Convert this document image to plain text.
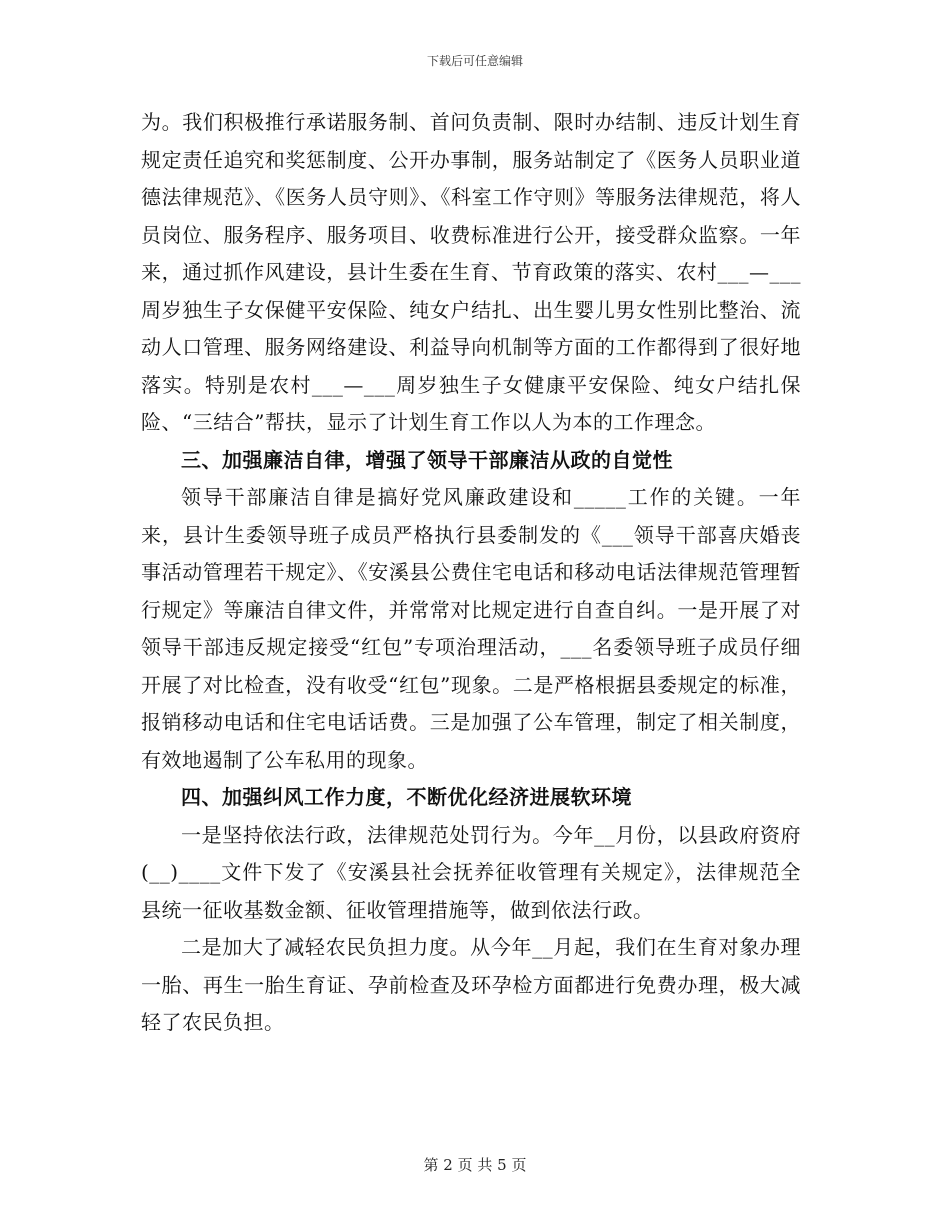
下载后可任意编辑

为。我们积极推行承诺服务制、首问负责制、限时办结制、违反计划生育规定责任追究和奖惩制度、公开办事制，服务站制定了《医务人员职业道德法律规范》、《医务人员守则》、《科室工作守则》等服务法律规范，将人员岗位、服务程序、服务项目、收费标准进行公开，接受群众监察。一年来，通过抓作风建设，县计生委在生育、节育政策的落实、农村___—___周岁独生子女保健平安保险、纯女户结扎、出生婴儿男女性别比整治、流动人口管理、服务网络建设、利益导向机制等方面的工作都得到了很好地落实。特别是农村___—___周岁独生子女健康平安保险、纯女户结扎保险、“三结合”帮扶，显示了计划生育工作以人为本的工作理念。

三、加强廉洁自律，增强了领导干部廉洁从政的自觉性

领导干部廉洁自律是搞好党风廉政建设和_____工作的关键。一年来，县计生委领导班子成员严格执行县委制发的《___领导干部喜庆婚丧事活动管理若干规定》、《安溪县公费住宅电话和移动电话法律规范管理暂行规定》等廉洁自律文件，并常常对比规定进行自查自纠。一是开展了对领导干部违反规定接受“红包”专项治理活动，___名委领导班子成员仔细开展了对比检查，没有收受“红包”现象。二是严格根据县委规定的标准，报销移动电话和住宅电话话费。三是加强了公车管理，制定了相关制度，有效地遏制了公车私用的现象。

四、加强纠风工作力度，不断优化经济进展软环境

一是坚持依法行政，法律规范处罚行为。今年__月份，以县政府资府(__)____文件下发了《安溪县社会抚养征收管理有关规定》，法律规范全县统一征收基数金额、征收管理措施等，做到依法行政。

二是加大了减轻农民负担力度。从今年__月起，我们在生育对象办理一胎、再生一胎生育证、孕前检查及环孕检方面都进行免费办理，极大减轻了农民负担。

第 2 页 共 5 页
